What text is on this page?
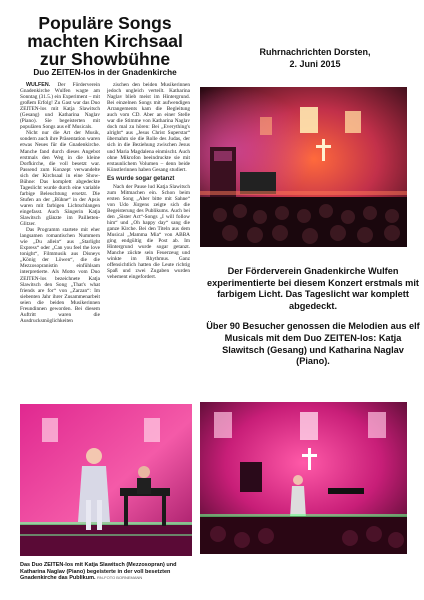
Populäre Songs machten Kirchsaal zur Showbühne
Duo ZEITEN-los in der Gnadenkirche

WULFEN. Der Förderverein Gnadenkirche Wulfen wagte am Sonntag (31.5.) ein Experiment – mit großem Erfolg! Zu Gast war das Duo ZEITEN-los mit Katja Slawitsch (Gesang) und Katharina Naglav (Piano). Sie begeisterten mit populären Songs aus elf Musicals.

Nicht nur die Art der Musik, sondern auch ihre Präsentation waren etwas Neues für die Gnadenkirche. Manche fand durch dieses Angebot erstmals den Weg in die kleine Dorfkirche, die voll besetzt war. Passend zum Konzept verwandelte sich der Kirchsaal in eine Show-Bühne: Das komplett abgedeckte Tageslicht wurde durch eine variable farbige Beleuchtung ersetzt. Die Stufen an der „Bühne“ in der Apsis waren mit farbigen Lichtschlangen eingefasst. Auch Sängerin Katja Slawitsch glänzte im Pailletten-Glitzer.

Das Programm startete mit eher langsamen romantischen Nummern wie „Du allein“ aus „Starlight Express“ oder „Can you feel the love tonight“, Filmmusik aus Disneys „König der Löwen“, die die Mezzosopranistin einfühlsam interpretierte. Als Motto vom Duo ZEITEN-los bezeichnete Katja Slawitsch den Song „That's what friends are for“ von „Zarzan“: Im siebenten Jahr ihrer Zusammenarbeit seien die beiden Musikerinnen Freundinnen geworden. Bei diesem Auftritt waren die Ausdrucksmöglichkeiten

zischen den beiden Musikerinnen jedoch ungleich verteilt. Katharina Naglav blieb meist im Hintergrund. Bei einzelnen Songs mit aufwendigen Arrangements kam die Begleitung auch vom CD. Aber an einer Stelle war die Stimme von Katharina Naglav doch mal zu hören: Bei „Everything's alright“ aus „Jesus Christ Superstar“ übernahm sie die Rolle des Judas, der sich in die Beziehung zwischen Jesus und Maria Magdalena einmischt. Auch ohne Mikrofon beeindruckte sie mit erstaunlichem Volumen – denn beide Künstlerinnen haben Gesang studiert.

Es wurde sogar getanzt

Nach der Pause lud Katja Slawitsch zum Mitmachen ein. Schon beim ersten Song „Aber bitte mit Sahne“ von Udo Jürgens zeigte sich die Begeisterung des Publikums. Auch bei den „Sister Act“-Songs „I will follow him“ und „Oh happy day“ sang die ganze Kirche. Bei den Titeln aus dem Musical „Mamma Mia“ von ABBA ging endgültig die Post ab. Im Hintergrund wurde sogar getanzt. Manche zückte sein Feuerzeug und winkte im Rhythmus. Ganz offensichtlich hatten die Leute richtig Spaß und zwei Zugaben wurden vehement eingefordert.

Ruhrnachrichten Dorsten,
2. Juni 2015

Der Förderverein Gnadenkirche Wulfen experimentierte bei diesem Konzert erstmals mit farbigem Licht. Das Tageslicht war komplett abgedeckt.

Über 90 Besucher genossen die Melodien aus elf Musicals mit dem Duo ZEITEN-los: Katja Slawitsch (Gesang) und Katharina Naglav (Piano).

Das Duo ZEITEN-los mit Katja Slawitsch (Mezzosopran) und Katharina Naglav (Piano) begeisterte in der voll besetzten Gnadenkirche das Publikum. RN-FOTO BORNEMANN
